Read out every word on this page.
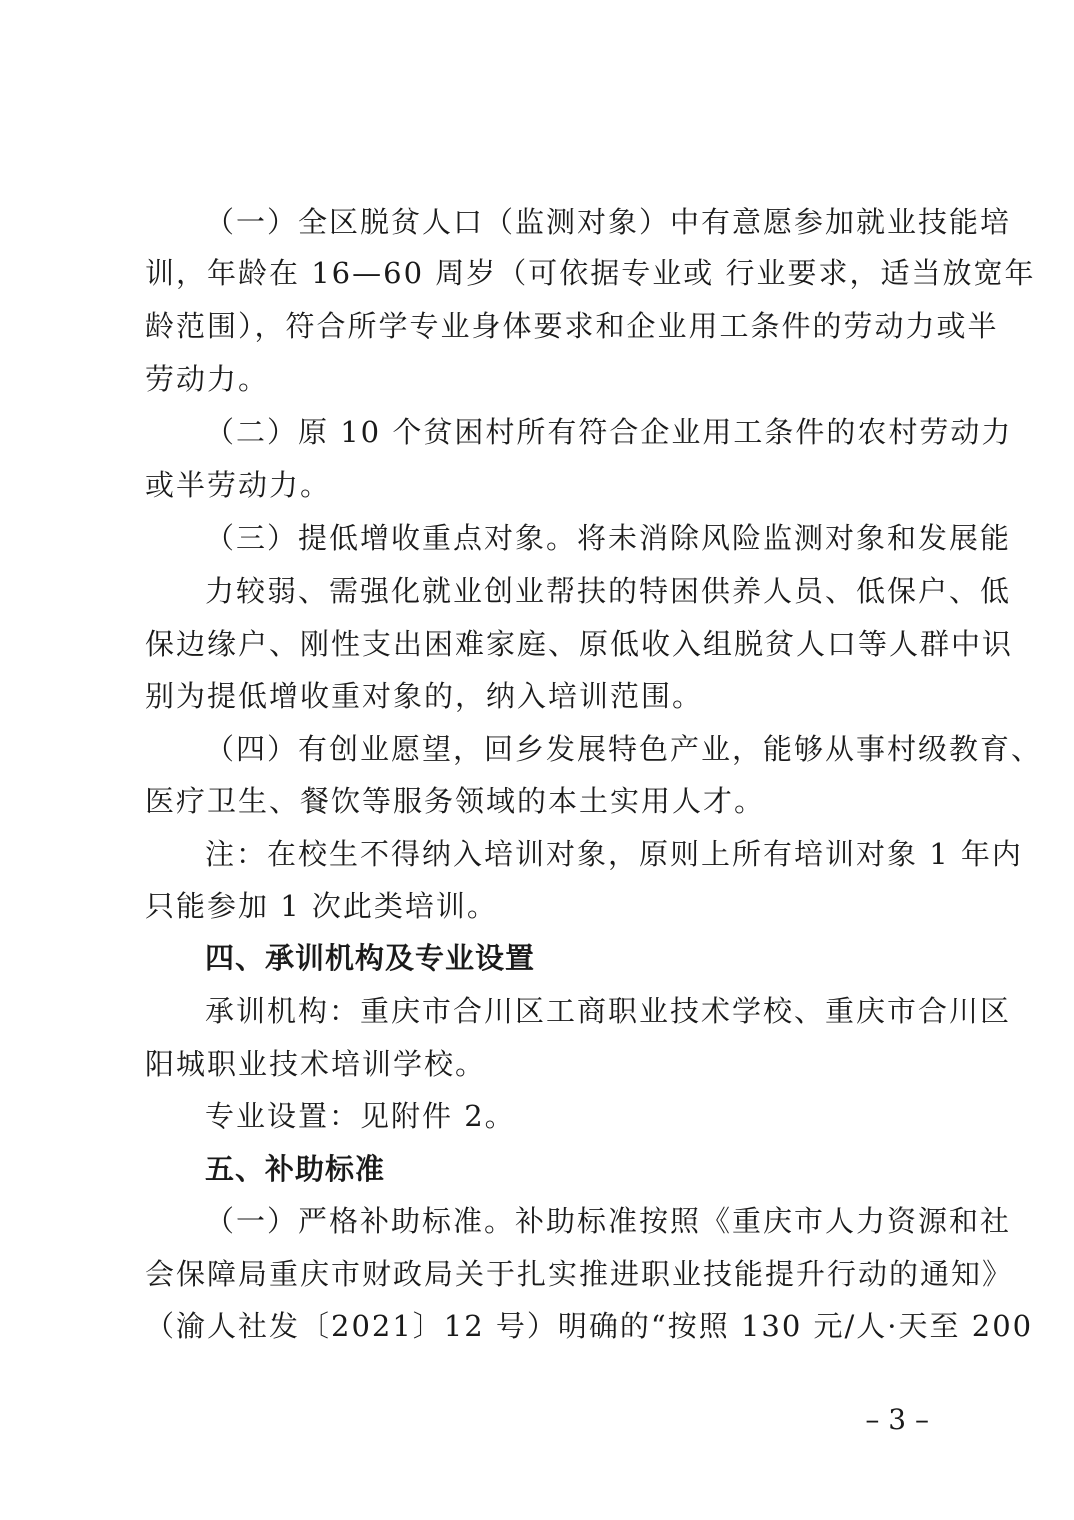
（一）全区脱贫人口（监测对象）中有意愿参加就业技能培
训，年龄在 16—60 周岁（可依据专业或 行业要求，适当放宽年
龄范围），符合所学专业身体要求和企业用工条件的劳动力或半
劳动力。
（二）原 10 个贫困村所有符合企业用工条件的农村劳动力
或半劳动力。
（三）提低增收重点对象。将未消除风险监测对象和发展能
力较弱、需强化就业创业帮扶的特困供养人员、低保户、低
保边缘户、刚性支出困难家庭、原低收入组脱贫人口等人群中识
别为提低增收重对象的，纳入培训范围。
（四）有创业愿望，回乡发展特色产业，能够从事村级教育、
医疗卫生、餐饮等服务领域的本土实用人才。
注：在校生不得纳入培训对象，原则上所有培训对象 1 年内
只能参加 1 次此类培训。
四、承训机构及专业设置
承训机构：重庆市合川区工商职业技术学校、重庆市合川区
阳城职业技术培训学校。
专业设置：见附件 2。
五、补助标准
（一）严格补助标准。补助标准按照《重庆市人力资源和社
会保障局重庆市财政局关于扎实推进职业技能提升行动的通知》
（渝人社发〔2021〕12 号）明确的“按照 130 元/人·天至 200
– 3 –
